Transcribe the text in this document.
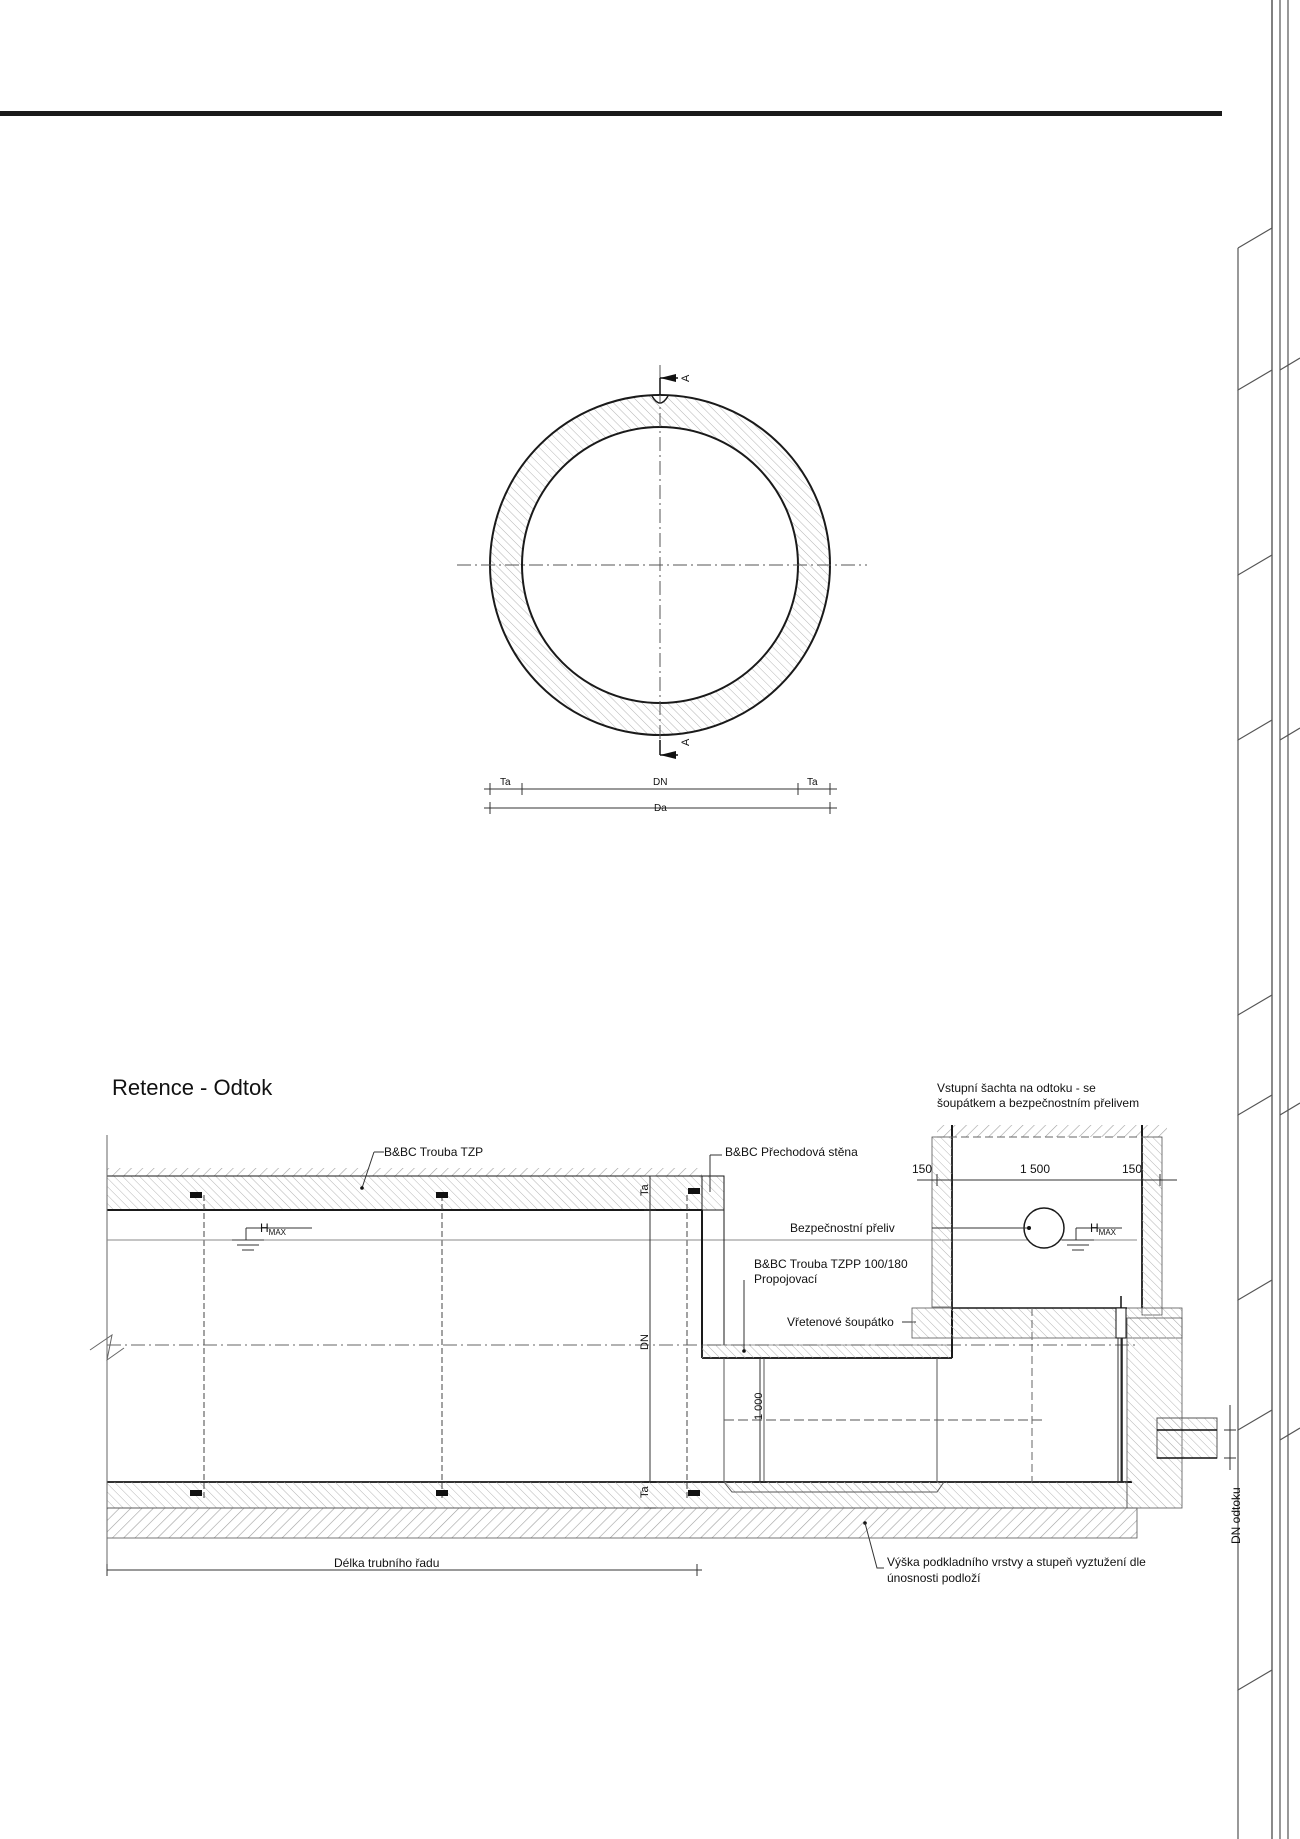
A
A
Ta	DN	Ta
Da
Retence - Odtok	Vstupní šachta na odtoku - se
šoupátkem a bezpečnostním přelivem
$H_{MAX}$
B&BC Trouba TZP	B&BC Přechodová stěna
Ta
DN
Ta
1 000
B&BC Trouba TZPP 100/180
Propojovací
Vřetenové šoupátko
150	1 500	150
Bezpečnostní přeliv	$H_{MAX}$
DN odtoku
Délka trubního řadu	Výška podkladního vrstvy a stupeň vyztužení dle
únosnosti podloží
